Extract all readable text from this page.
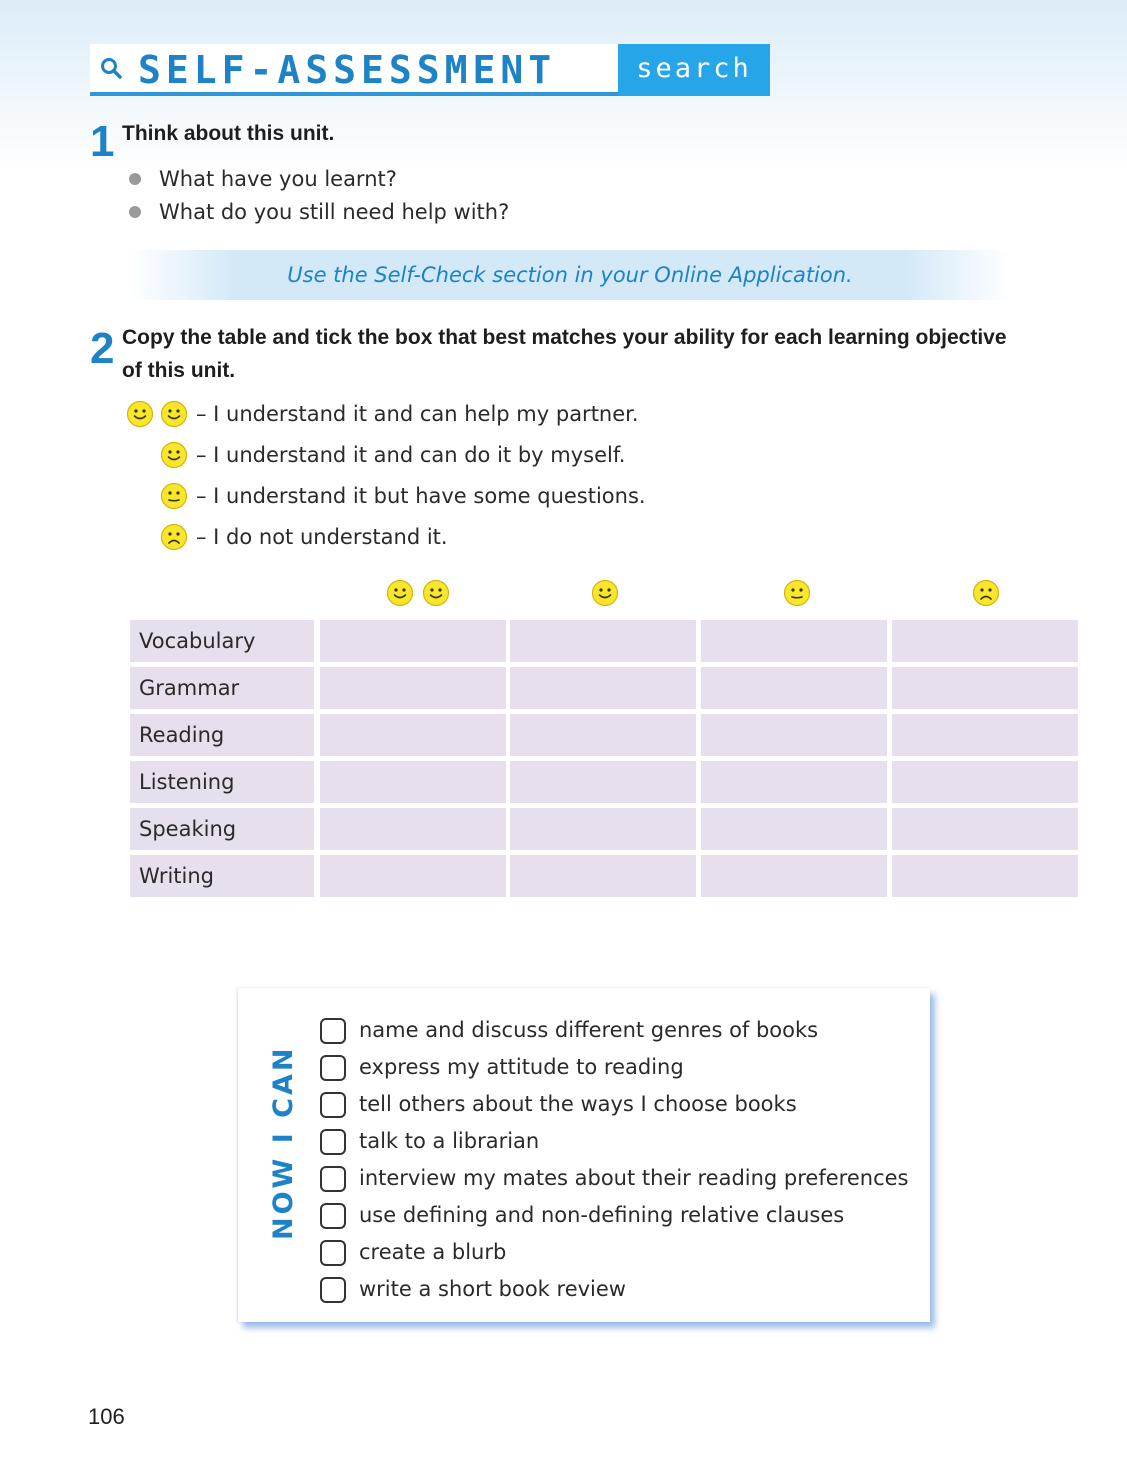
SELF-ASSESSMENT	search
1 Think about this unit.
What have you learnt?
What do you still need help with?
Use the Self-Check section in your Online Application.
2 Copy the table and tick the box that best matches your ability for each learning objective
of this unit.
– I understand it and can help my partner.
– I understand it and can do it by myself.
– I understand it but have some questions.
– I do not understand it.
Vocabulary
Grammar
Reading
Listening
Speaking
Writing
NOW I CAN
name and discuss different genres of books
express my attitude to reading
tell others about the ways I choose books
talk to a librarian
interview my mates about their reading preferences
use defining and non-defining relative clauses
create a blurb
write a short book review
106
